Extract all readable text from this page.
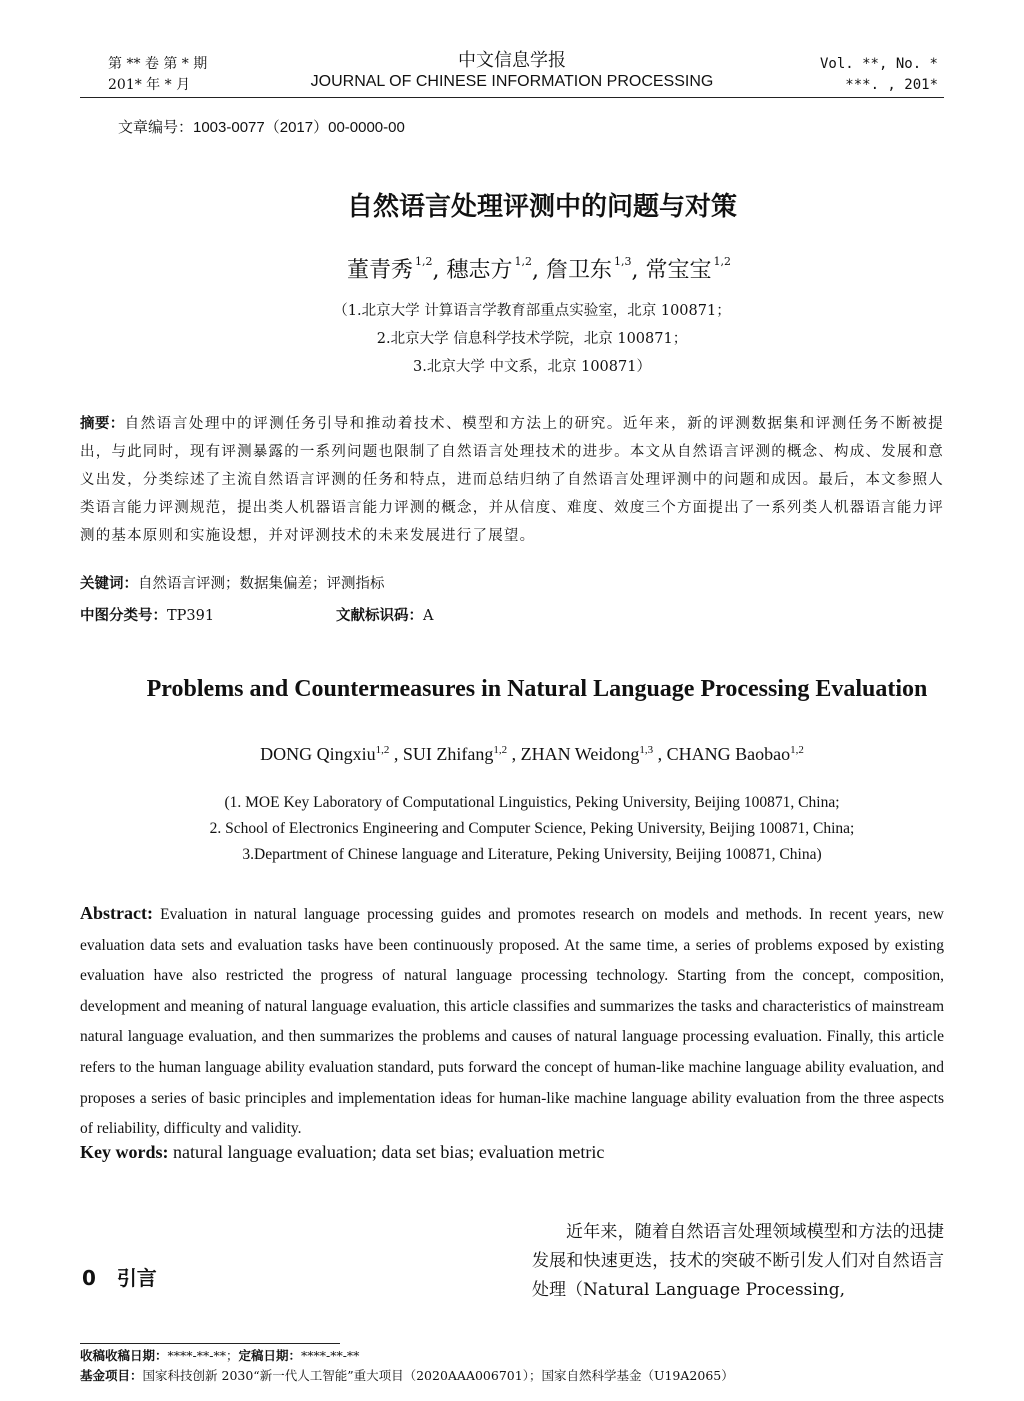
第 ** 卷 第 * 期
201* 年 * 月
中文信息学报
JOURNAL OF CHINESE INFORMATION PROCESSING
Vol. **, No. *
***. , 201*
文章编号：1003-0077（2017）00-0000-00
自然语言处理评测中的问题与对策
董青秀 $^{1,2}$, 穗志方 $^{1,2}$, 詹卫东 $^{1,3}$, 常宝宝 $^{1,2}$
（1.北京大学 计算语言学教育部重点实验室，北京 100871；
2.北京大学 信息科学技术学院，北京 100871；
3.北京大学 中文系，北京 100871）
摘要：自然语言处理中的评测任务引导和推动着技术、模型和方法上的研究。近年来，新的评测数据集和评测任务不断被提出，与此同时，现有评测暴露的一系列问题也限制了自然语言处理技术的进步。本文从自然语言评测的概念、构成、发展和意义出发，分类综述了主流自然语言评测的任务和特点，进而总结归纳了自然语言处理评测中的问题和成因。最后，本文参照人类语言能力评测规范，提出类人机器语言能力评测的概念，并从信度、难度、效度三个方面提出了一系列类人机器语言能力评测的基本原则和实施设想，并对评测技术的未来发展进行了展望。
关键词：自然语言评测；数据集偏差；评测指标
中图分类号：TP391	文献标识码：A
Problems and Countermeasures in Natural Language Processing Evaluation
DONG Qingxiu$^{1,2}$ , SUI Zhifang$^{1,2}$ , ZHAN Weidong$^{1,3}$ , CHANG Baobao$^{1,2}$
(1. MOE Key Laboratory of Computational Linguistics, Peking University, Beijing 100871, China;
2. School of Electronics Engineering and Computer Science, Peking University, Beijing 100871, China;
3.Department of Chinese language and Literature, Peking University, Beijing 100871, China)
Abstract: Evaluation in natural language processing guides and promotes research on models and methods. In recent years, new evaluation data sets and evaluation tasks have been continuously proposed. At the same time, a series of problems exposed by existing evaluation have also restricted the progress of natural language processing technology. Starting from the concept, composition, development and meaning of natural language evaluation, this article classifies and summarizes the tasks and characteristics of mainstream natural language evaluation, and then summarizes the problems and causes of natural language processing evaluation. Finally, this article refers to the human language ability evaluation standard, puts forward the concept of human-like machine language ability evaluation, and proposes a series of basic principles and implementation ideas for human-like machine language ability evaluation from the three aspects of reliability, difficulty and validity.
Key words: natural language evaluation; data set bias; evaluation metric
0 引言
近年来，随着自然语言处理领域模型和方法的迅捷发展和快速更迭，技术的突破不断引发人们对自然语言处理（Natural Language Processing,
收稿收稿日期：****-**-**；定稿日期：****-**-**
基金项目：国家科技创新 2030“新一代人工智能”重大项目（2020AAA006701）；国家自然科学基金（U19A2065）
